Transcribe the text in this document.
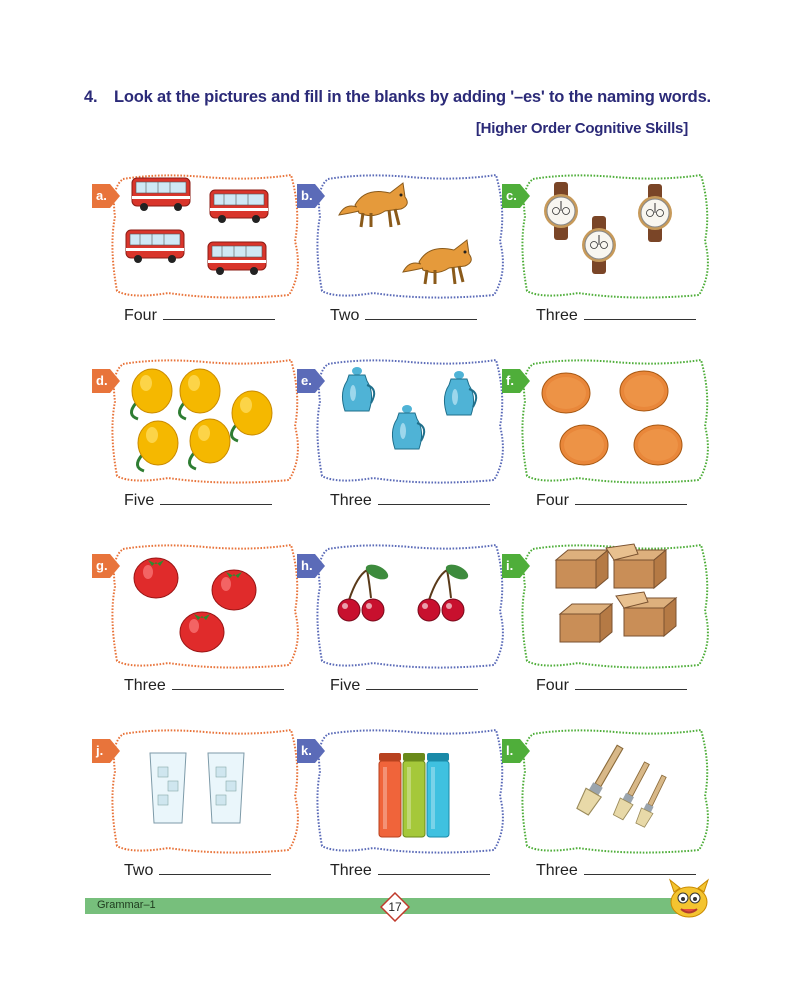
4. Look at the pictures and fill in the blanks by adding '–es' to the naming words.
[Higher Order Cognitive Skills]
a.
Four
b.
Two
c.
Three
d.
Five
e.
Three
f.
Four
g.
Three
h.
Five
i.
Four
j.
Two
k.
Three
l.
Three
Grammar–1	17
